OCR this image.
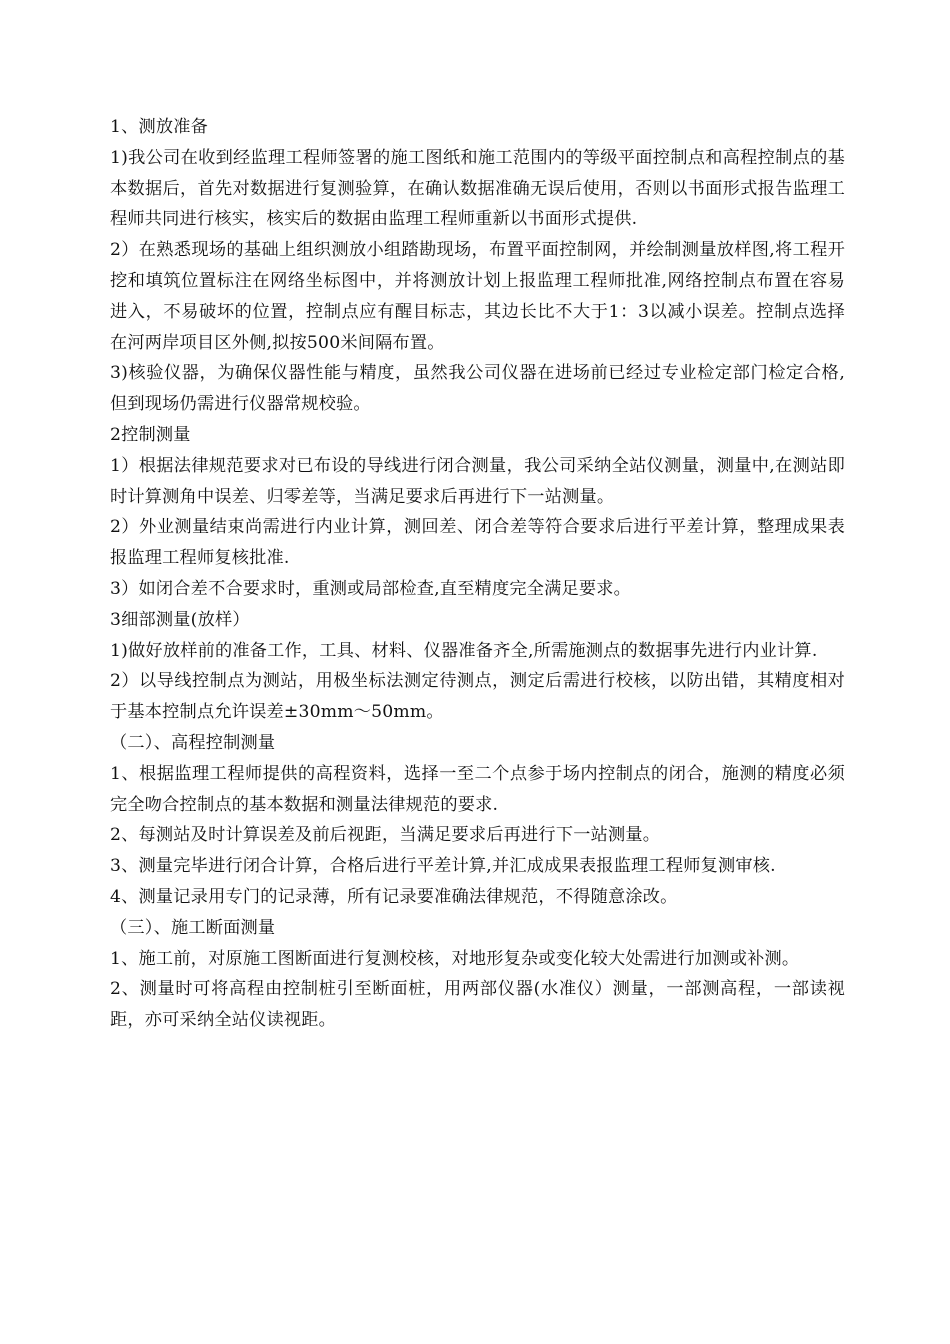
1、测放准备

1)我公司在收到经监理工程师签署的施工图纸和施工范围内的等级平面控制点和高程控制点的基本数据后，首先对数据进行复测验算，在确认数据准确无误后使用，否则以书面形式报告监理工程师共同进行核实，核实后的数据由监理工程师重新以书面形式提供.

2）在熟悉现场的基础上组织测放小组踏勘现场，布置平面控制网，并绘制测量放样图,将工程开挖和填筑位置标注在网络坐标图中，并将测放计划上报监理工程师批准,网络控制点布置在容易进入，不易破坏的位置，控制点应有醒目标志，其边长比不大于1：3以减小误差。控制点选择在河两岸项目区外侧,拟按500米间隔布置。

3)核验仪器，为确保仪器性能与精度，虽然我公司仪器在进场前已经过专业检定部门检定合格,但到现场仍需进行仪器常规校验。

2控制测量

1）根据法律规范要求对已布设的导线进行闭合测量，我公司采纳全站仪测量，测量中,在测站即时计算测角中误差、归零差等，当满足要求后再进行下一站测量。

2）外业测量结束尚需进行内业计算，测回差、闭合差等符合要求后进行平差计算，整理成果表报监理工程师复核批准.

3）如闭合差不合要求时，重测或局部检查,直至精度完全满足要求。

3细部测量(放样）

1)做好放样前的准备工作，工具、材料、仪器准备齐全,所需施测点的数据事先进行内业计算.

2）以导线控制点为测站，用极坐标法测定待测点，测定后需进行校核，以防出错，其精度相对于基本控制点允许误差±30mm～50mm。

（二）、高程控制测量

1、根据监理工程师提供的高程资料，选择一至二个点参于场内控制点的闭合，施测的精度必须完全吻合控制点的基本数据和测量法律规范的要求.

2、每测站及时计算误差及前后视距，当满足要求后再进行下一站测量。

3、测量完毕进行闭合计算，合格后进行平差计算,并汇成成果表报监理工程师复测审核.

4、测量记录用专门的记录薄，所有记录要准确法律规范，不得随意涂改。

（三）、施工断面测量

1、施工前，对原施工图断面进行复测校核，对地形复杂或变化较大处需进行加测或补测。

2、测量时可将高程由控制桩引至断面桩，用两部仪器(水准仪）测量，一部测高程，一部读视距，亦可采纳全站仪读视距。
